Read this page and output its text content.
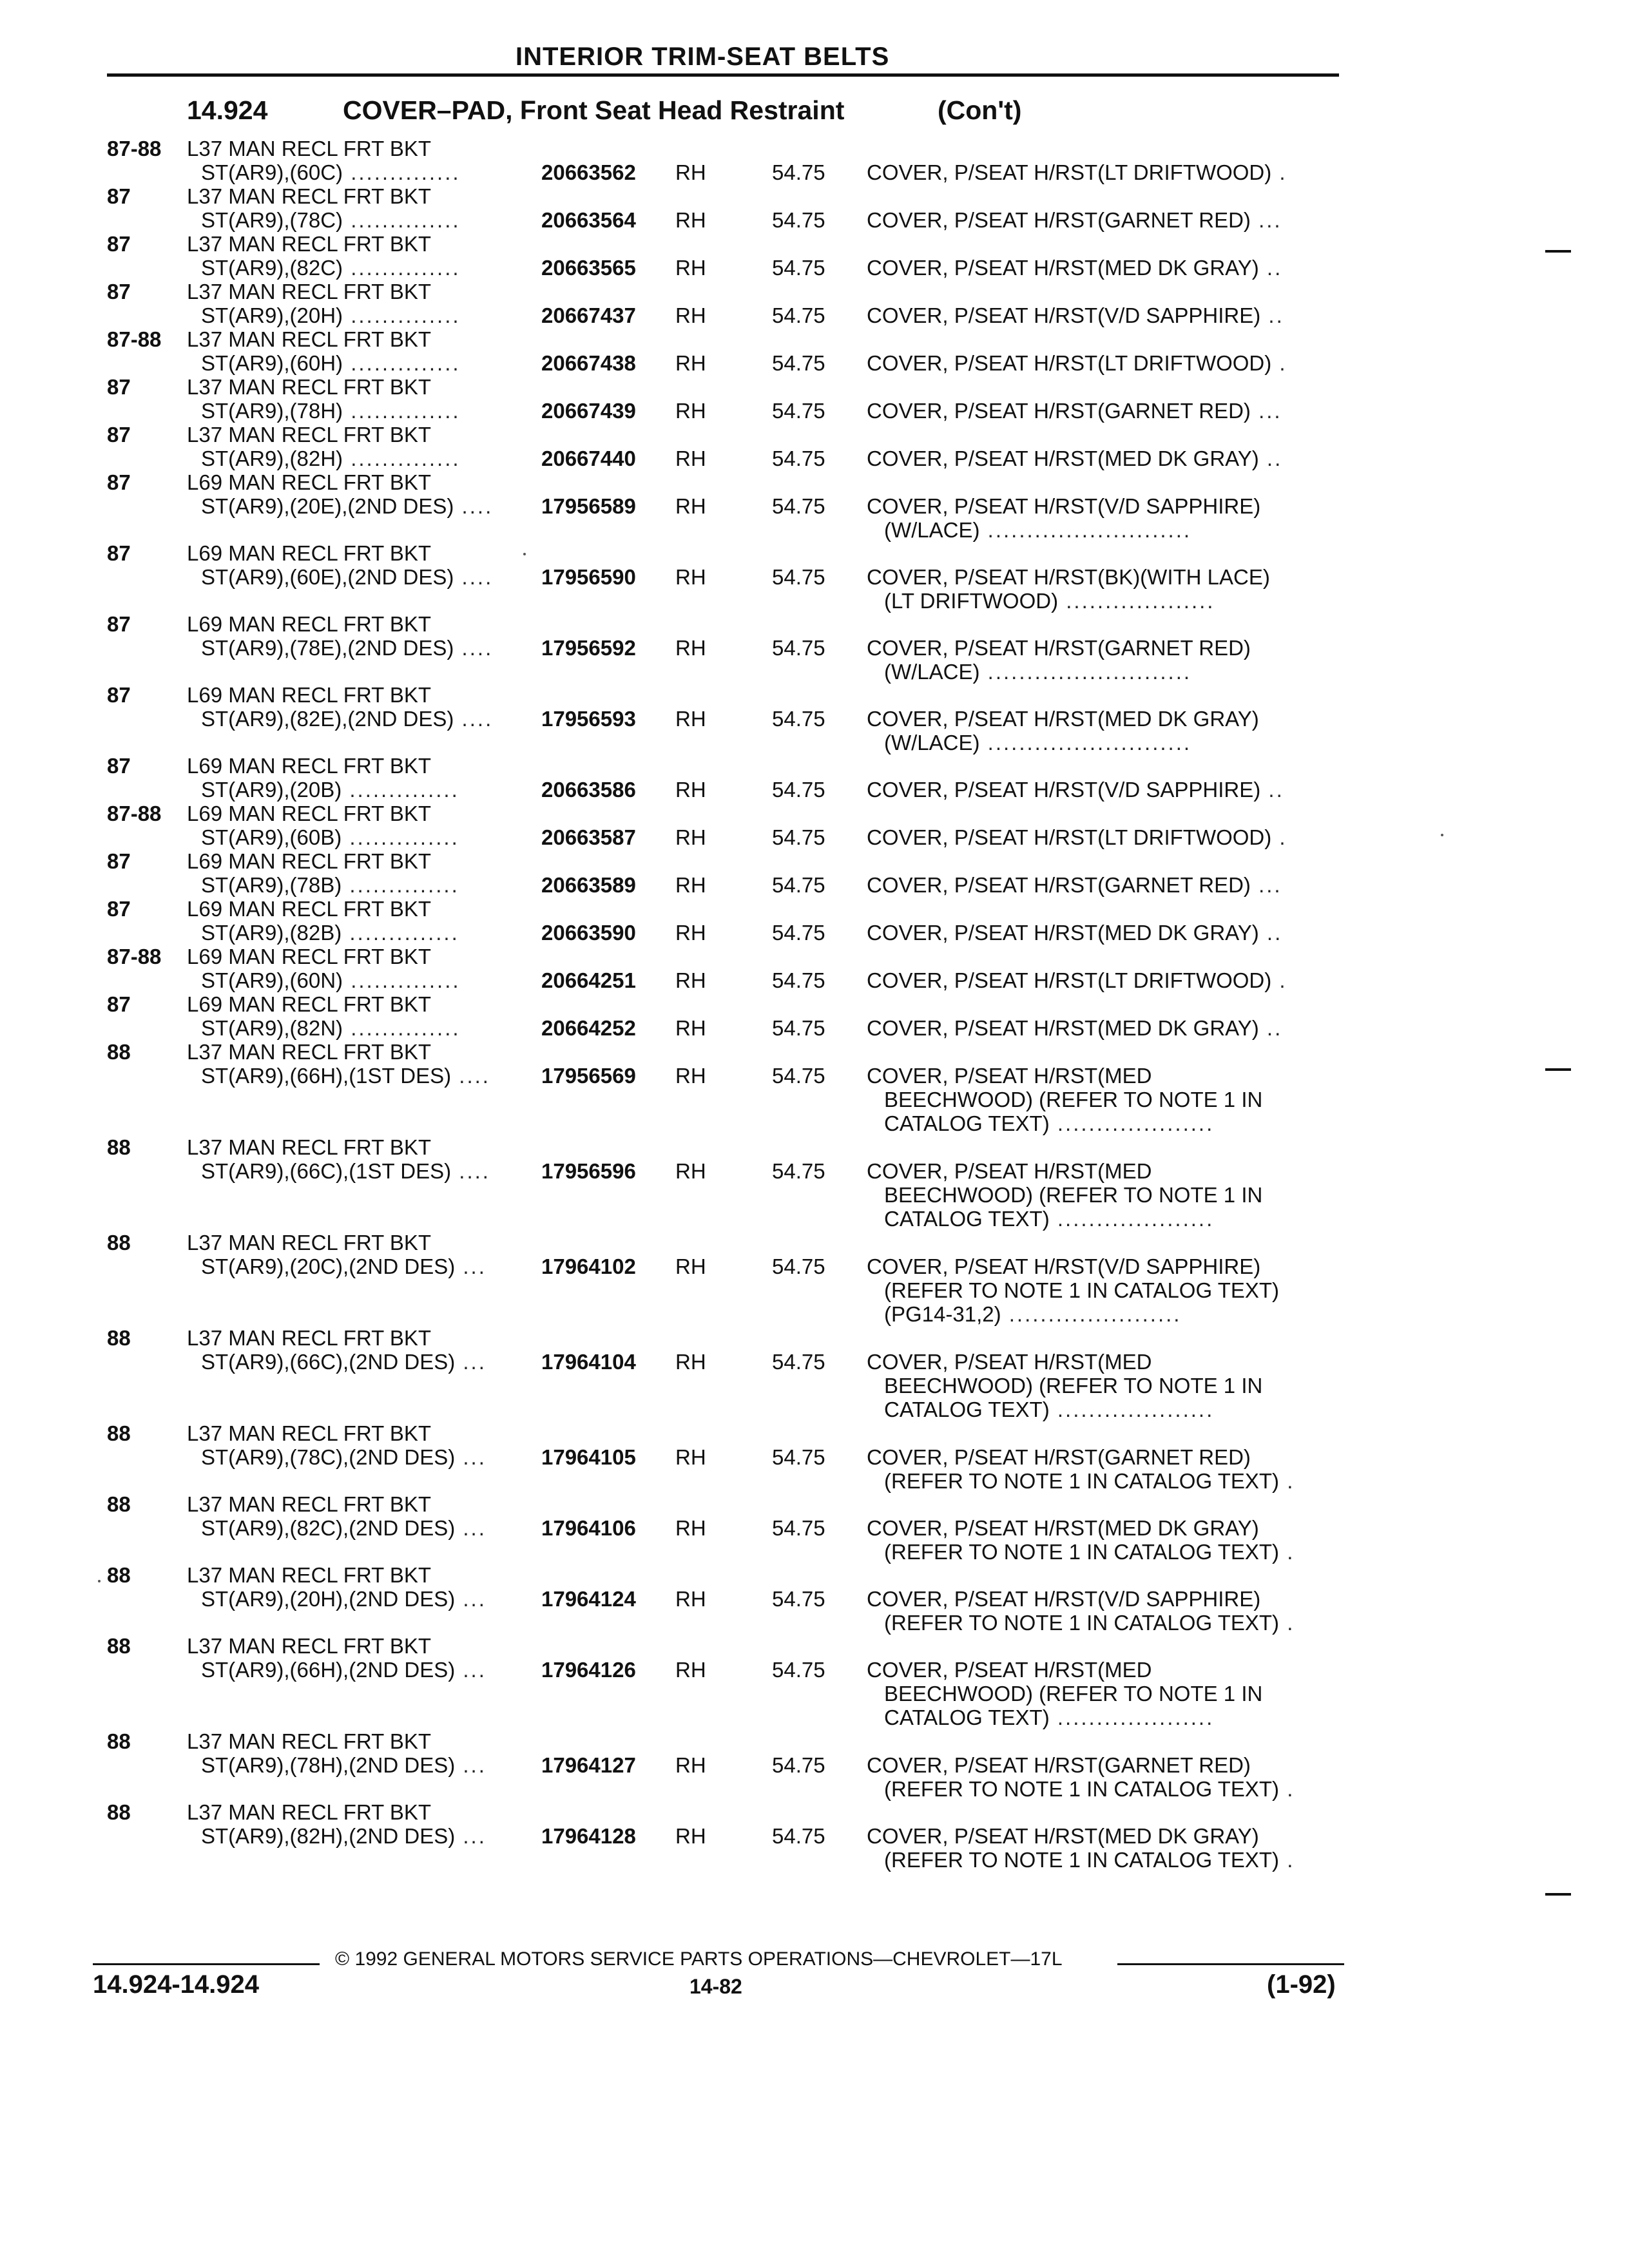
INTERIOR TRIM-SEAT BELTS
14.924	COVER–PAD, Front Seat Head Restraint	(Con't)
87-88 L37 MAN RECL FRT BKT
ST(AR9),(60C) ..............	20663562 RH	54.75 COVER, P/SEAT H/RST(LT DRIFTWOOD) .
87	L37 MAN RECL FRT BKT
ST(AR9),(78C) ..............	20663564 RH	54.75 COVER, P/SEAT H/RST(GARNET RED) ...
87	L37 MAN RECL FRT BKT
ST(AR9),(82C) ..............	20663565 RH	54.75 COVER, P/SEAT H/RST(MED DK GRAY) ..
87	L37 MAN RECL FRT BKT
ST(AR9),(20H) ..............	20667437 RH	54.75 COVER, P/SEAT H/RST(V/D SAPPHIRE) ..
87-88 L37 MAN RECL FRT BKT
ST(AR9),(60H) ..............	20667438 RH	54.75 COVER, P/SEAT H/RST(LT DRIFTWOOD) .
87	L37 MAN RECL FRT BKT
ST(AR9),(78H) ..............	20667439 RH	54.75 COVER, P/SEAT H/RST(GARNET RED) ...
87	L37 MAN RECL FRT BKT
ST(AR9),(82H) ..............	20667440 RH	54.75 COVER, P/SEAT H/RST(MED DK GRAY) ..
87	L69 MAN RECL FRT BKT
ST(AR9),(20E),(2ND DES) .... 17956589 RH	54.75 COVER, P/SEAT H/RST(V/D SAPPHIRE)
(W/LACE) ..........................
87	L69 MAN RECL FRT BKT
ST(AR9),(60E),(2ND DES) .... 17956590 RH	54.75 COVER, P/SEAT H/RST(BK)(WITH LACE)
(LT DRIFTWOOD) ...................
87	L69 MAN RECL FRT BKT
ST(AR9),(78E),(2ND DES) .... 17956592 RH	54.75 COVER, P/SEAT H/RST(GARNET RED)
(W/LACE) ..........................
87	L69 MAN RECL FRT BKT
ST(AR9),(82E),(2ND DES) .... 17956593 RH	54.75 COVER, P/SEAT H/RST(MED DK GRAY)
(W/LACE) ..........................
87	L69 MAN RECL FRT BKT
ST(AR9),(20B) ..............	20663586 RH	54.75 COVER, P/SEAT H/RST(V/D SAPPHIRE) ..
87-88 L69 MAN RECL FRT BKT
ST(AR9),(60B) ..............	20663587 RH	54.75 COVER, P/SEAT H/RST(LT DRIFTWOOD) .
87	L69 MAN RECL FRT BKT
ST(AR9),(78B) ..............	20663589 RH	54.75 COVER, P/SEAT H/RST(GARNET RED) ...
87	L69 MAN RECL FRT BKT
ST(AR9),(82B) ..............	20663590 RH	54.75 COVER, P/SEAT H/RST(MED DK GRAY) ..
87-88 L69 MAN RECL FRT BKT
ST(AR9),(60N) ..............	20664251 RH	54.75 COVER, P/SEAT H/RST(LT DRIFTWOOD) .
87	L69 MAN RECL FRT BKT
ST(AR9),(82N) ..............	20664252 RH	54.75 COVER, P/SEAT H/RST(MED DK GRAY) ..
88	L37 MAN RECL FRT BKT
ST(AR9),(66H),(1ST DES) .... 17956569 RH	54.75 COVER, P/SEAT H/RST(MED
BEECHWOOD) (REFER TO NOTE 1 IN
CATALOG TEXT) ....................
88	L37 MAN RECL FRT BKT
ST(AR9),(66C),(1ST DES) .... 17956596 RH	54.75 COVER, P/SEAT H/RST(MED
BEECHWOOD) (REFER TO NOTE 1 IN
CATALOG TEXT) ....................
88	L37 MAN RECL FRT BKT
ST(AR9),(20C),(2ND DES) ...	17964102 RH	54.75 COVER, P/SEAT H/RST(V/D SAPPHIRE)
(REFER TO NOTE 1 IN CATALOG TEXT)
(PG14-31,2) ......................
88	L37 MAN RECL FRT BKT
ST(AR9),(66C),(2ND DES) ...	17964104 RH	54.75 COVER, P/SEAT H/RST(MED
BEECHWOOD) (REFER TO NOTE 1 IN
CATALOG TEXT) ....................
88	L37 MAN RECL FRT BKT
ST(AR9),(78C),(2ND DES) ...	17964105 RH	54.75 COVER, P/SEAT H/RST(GARNET RED)
(REFER TO NOTE 1 IN CATALOG TEXT) .
88	L37 MAN RECL FRT BKT
ST(AR9),(82C),(2ND DES) ...	17964106 RH	54.75 COVER, P/SEAT H/RST(MED DK GRAY)
(REFER TO NOTE 1 IN CATALOG TEXT) .
88	L37 MAN RECL FRT BKT
ST(AR9),(20H),(2ND DES) ...	17964124 RH	54.75 COVER, P/SEAT H/RST(V/D SAPPHIRE)
(REFER TO NOTE 1 IN CATALOG TEXT) .
88	L37 MAN RECL FRT BKT
ST(AR9),(66H),(2ND DES) ...	17964126 RH	54.75 COVER, P/SEAT H/RST(MED
BEECHWOOD) (REFER TO NOTE 1 IN
CATALOG TEXT) ....................
88	L37 MAN RECL FRT BKT
ST(AR9),(78H),(2ND DES) ...	17964127 RH	54.75 COVER, P/SEAT H/RST(GARNET RED)
(REFER TO NOTE 1 IN CATALOG TEXT) .
88	L37 MAN RECL FRT BKT
ST(AR9),(82H),(2ND DES) ...	17964128 RH	54.75 COVER, P/SEAT H/RST(MED DK GRAY)
(REFER TO NOTE 1 IN CATALOG TEXT) .
© 1992 GENERAL MOTORS SERVICE PARTS OPERATIONS—CHEVROLET—17L
14.924-14.924	14-82	(1-92)
